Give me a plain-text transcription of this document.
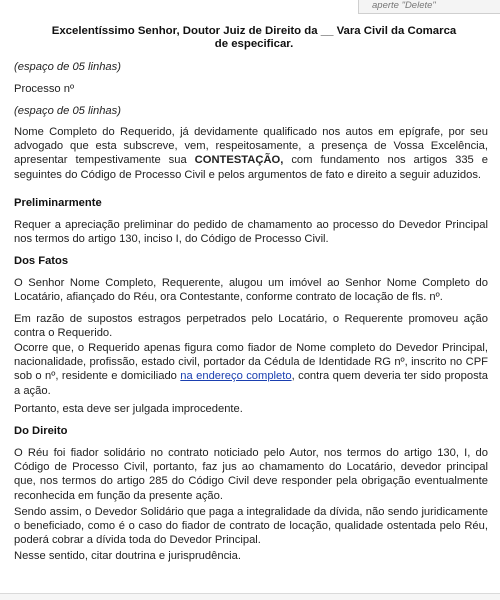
aperte "Delete"
Excelentíssimo Senhor, Doutor Juiz de Direito da __ Vara Civil da Comarca
de especificar.

(espaço de 05 linhas)

Processo nº

(espaço de 05 linhas)

Nome Completo do Requerido, já devidamente qualificado nos autos em epígrafe, por seu advogado que esta subscreve, vem, respeitosamente, a presença de Vossa Excelência, apresentar tempestivamente sua CONTESTAÇÃO, com fundamento nos artigos 335 e seguintes do Código de Processo Civil e pelos argumentos de fato e direito a seguir aduzidos.

Preliminarmente

Requer a apreciação preliminar do pedido de chamamento ao processo do Devedor Principal nos termos do artigo 130, inciso I, do Código de Processo Civil.

Dos Fatos

O Senhor Nome Completo, Requerente, alugou um imóvel ao Senhor Nome Completo do Locatário, afiançado do Réu, ora Contestante, conforme contrato de locação de fls. nº.

Em razão de supostos estragos perpetrados pelo Locatário, o Requerente promoveu ação contra o Requerido.

Ocorre que, o Requerido apenas figura como fiador de Nome completo do Devedor Principal, nacionalidade, profissão, estado civil, portador da Cédula de Identidade RG nº, inscrito no CPF sob o nº, residente e domiciliado na endereço completo, contra quem deveria ter sido proposta a ação.

Portanto, esta deve ser julgada improcedente.

Do Direito

O Réu foi fiador solidário no contrato noticiado pelo Autor, nos termos do artigo 130, I, do Código de Processo Civil, portanto, faz jus ao chamamento do Locatário, devedor principal que, nos termos do artigo 285 do Código Civil deve responder pela obrigação eventualmente reconhecida em função da presente ação.

Sendo assim, o Devedor Solidário que paga a integralidade da dívida, não sendo juridicamente o beneficiado, como é o caso do fiador de contrato de locação, qualidade ostentada pelo Réu, poderá cobrar a dívida toda do Devedor Principal.

Nesse sentido, citar doutrina e jurisprudência.
